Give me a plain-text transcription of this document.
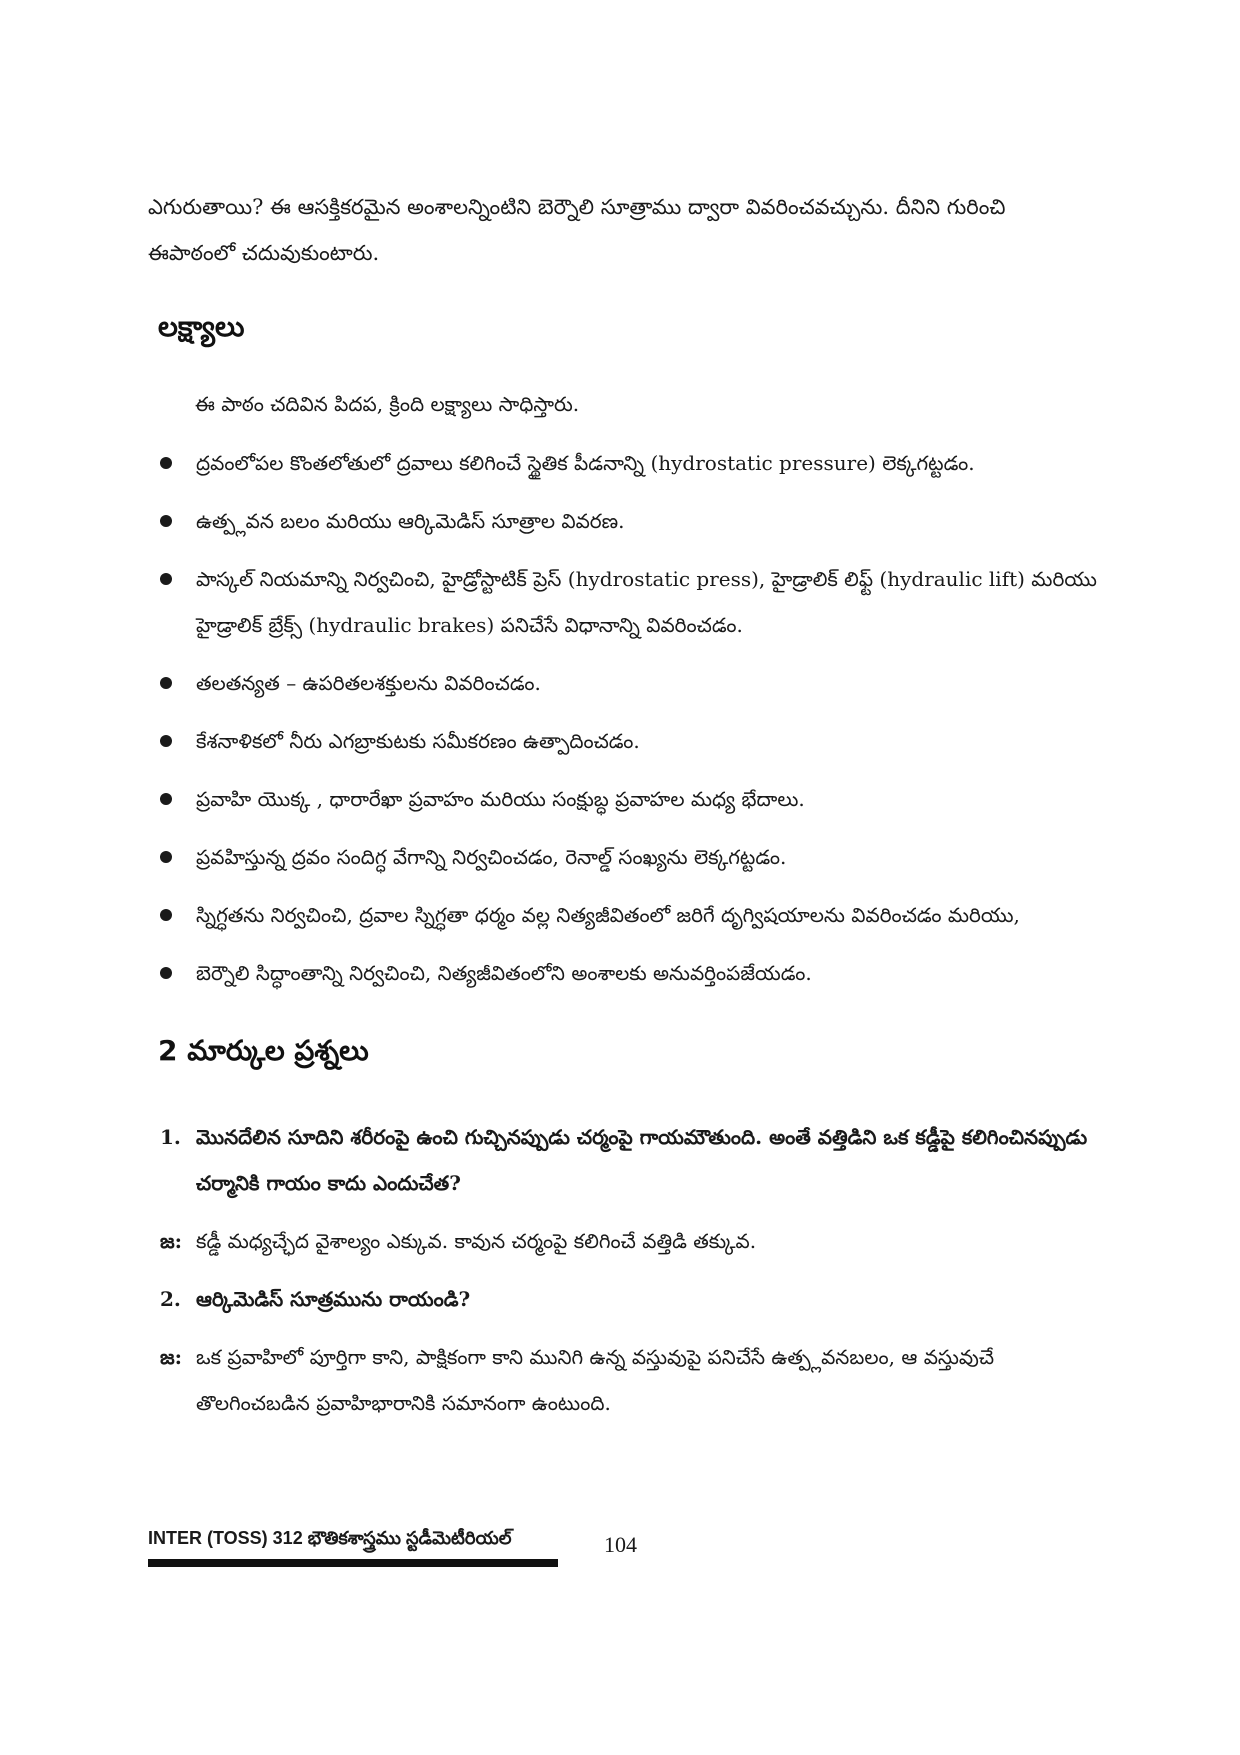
ఎగురుతాయి? ఈ ఆసక్తికరమైన అంశాలన్నింటిని బెర్నౌలి సూత్రాము ద్వారా వివరించవచ్చును. దీనిని గురించి ఈపాఠంలో చదువుకుంటారు.
లక్ష్యాలు
ఈ పాఠం చదివిన పిదప, క్రింది లక్ష్యాలు సాధిస్తారు.
ద్రవంలోపల కొంతలోతులో ద్రవాలు కలిగించే స్థైతిక పీడనాన్ని (hydrostatic pressure) లెక్కగట్టడం.
ఉత్ప్లవన బలం మరియు ఆర్కిమెడిస్ సూత్రాల వివరణ.
పాస్కల్ నియమాన్ని నిర్వచించి, హైడ్రోస్టాటిక్ ప్రెస్ (hydrostatic press), హైడ్రాలిక్ లిఫ్ట్ (hydraulic lift) మరియు హైడ్రాలిక్ బ్రేక్స్ (hydraulic brakes) పనిచేసే విధానాన్ని వివరించడం.
తలతన్యత – ఉపరితలశక్తులను వివరించడం.
కేశనాళికలో నీరు ఎగబ్రాకుటకు సమీకరణం ఉత్పాదించడం.
ప్రవాహి యొక్క , ధారారేఖా ప్రవాహం మరియు సంక్షుబ్ధ ప్రవాహల మధ్య భేదాలు.
ప్రవహిస్తున్న ద్రవం సందిగ్ధ వేగాన్ని నిర్వచించడం, రెనాల్డ్ సంఖ్యను లెక్కగట్టడం.
స్నిగ్ధతను నిర్వచించి, ద్రవాల స్నిగ్ధతా ధర్మం వల్ల నిత్యజీవితంలో జరిగే దృగ్విషయాలను వివరించడం మరియు,
బెర్నౌలి సిద్ధాంతాన్ని నిర్వచించి, నిత్యజీవితంలోని అంశాలకు అనువర్తింపజేయడం.
2 మార్కుల ప్రశ్నలు
1. మొనదేలిన సూదిని శరీరంపై ఉంచి గుచ్చినప్పుడు చర్మంపై గాయమౌతుంది. అంతే వత్తిడిని ఒక కడ్డీపై కలిగించినప్పుడు చర్మానికి గాయం కాదు ఎందుచేత?
జ: కడ్డీ మధ్యచ్ఛేద వైశాల్యం ఎక్కువ. కావున చర్మంపై కలిగించే వత్తిడి తక్కువ.
2. ఆర్కిమెడిస్ సూత్రమును రాయండి?
జ: ఒక ప్రవాహిలో పూర్తిగా కాని, పాక్షికంగా కాని మునిగి ఉన్న వస్తువుపై పనిచేసే ఉత్ప్లవనబలం, ఆ వస్తువుచే తొలగించబడిన ప్రవాహిభారానికి సమానంగా ఉంటుంది.
INTER (TOSS) 312 భౌతికశాస్త్రము స్టడీమెటీరియల్	104
